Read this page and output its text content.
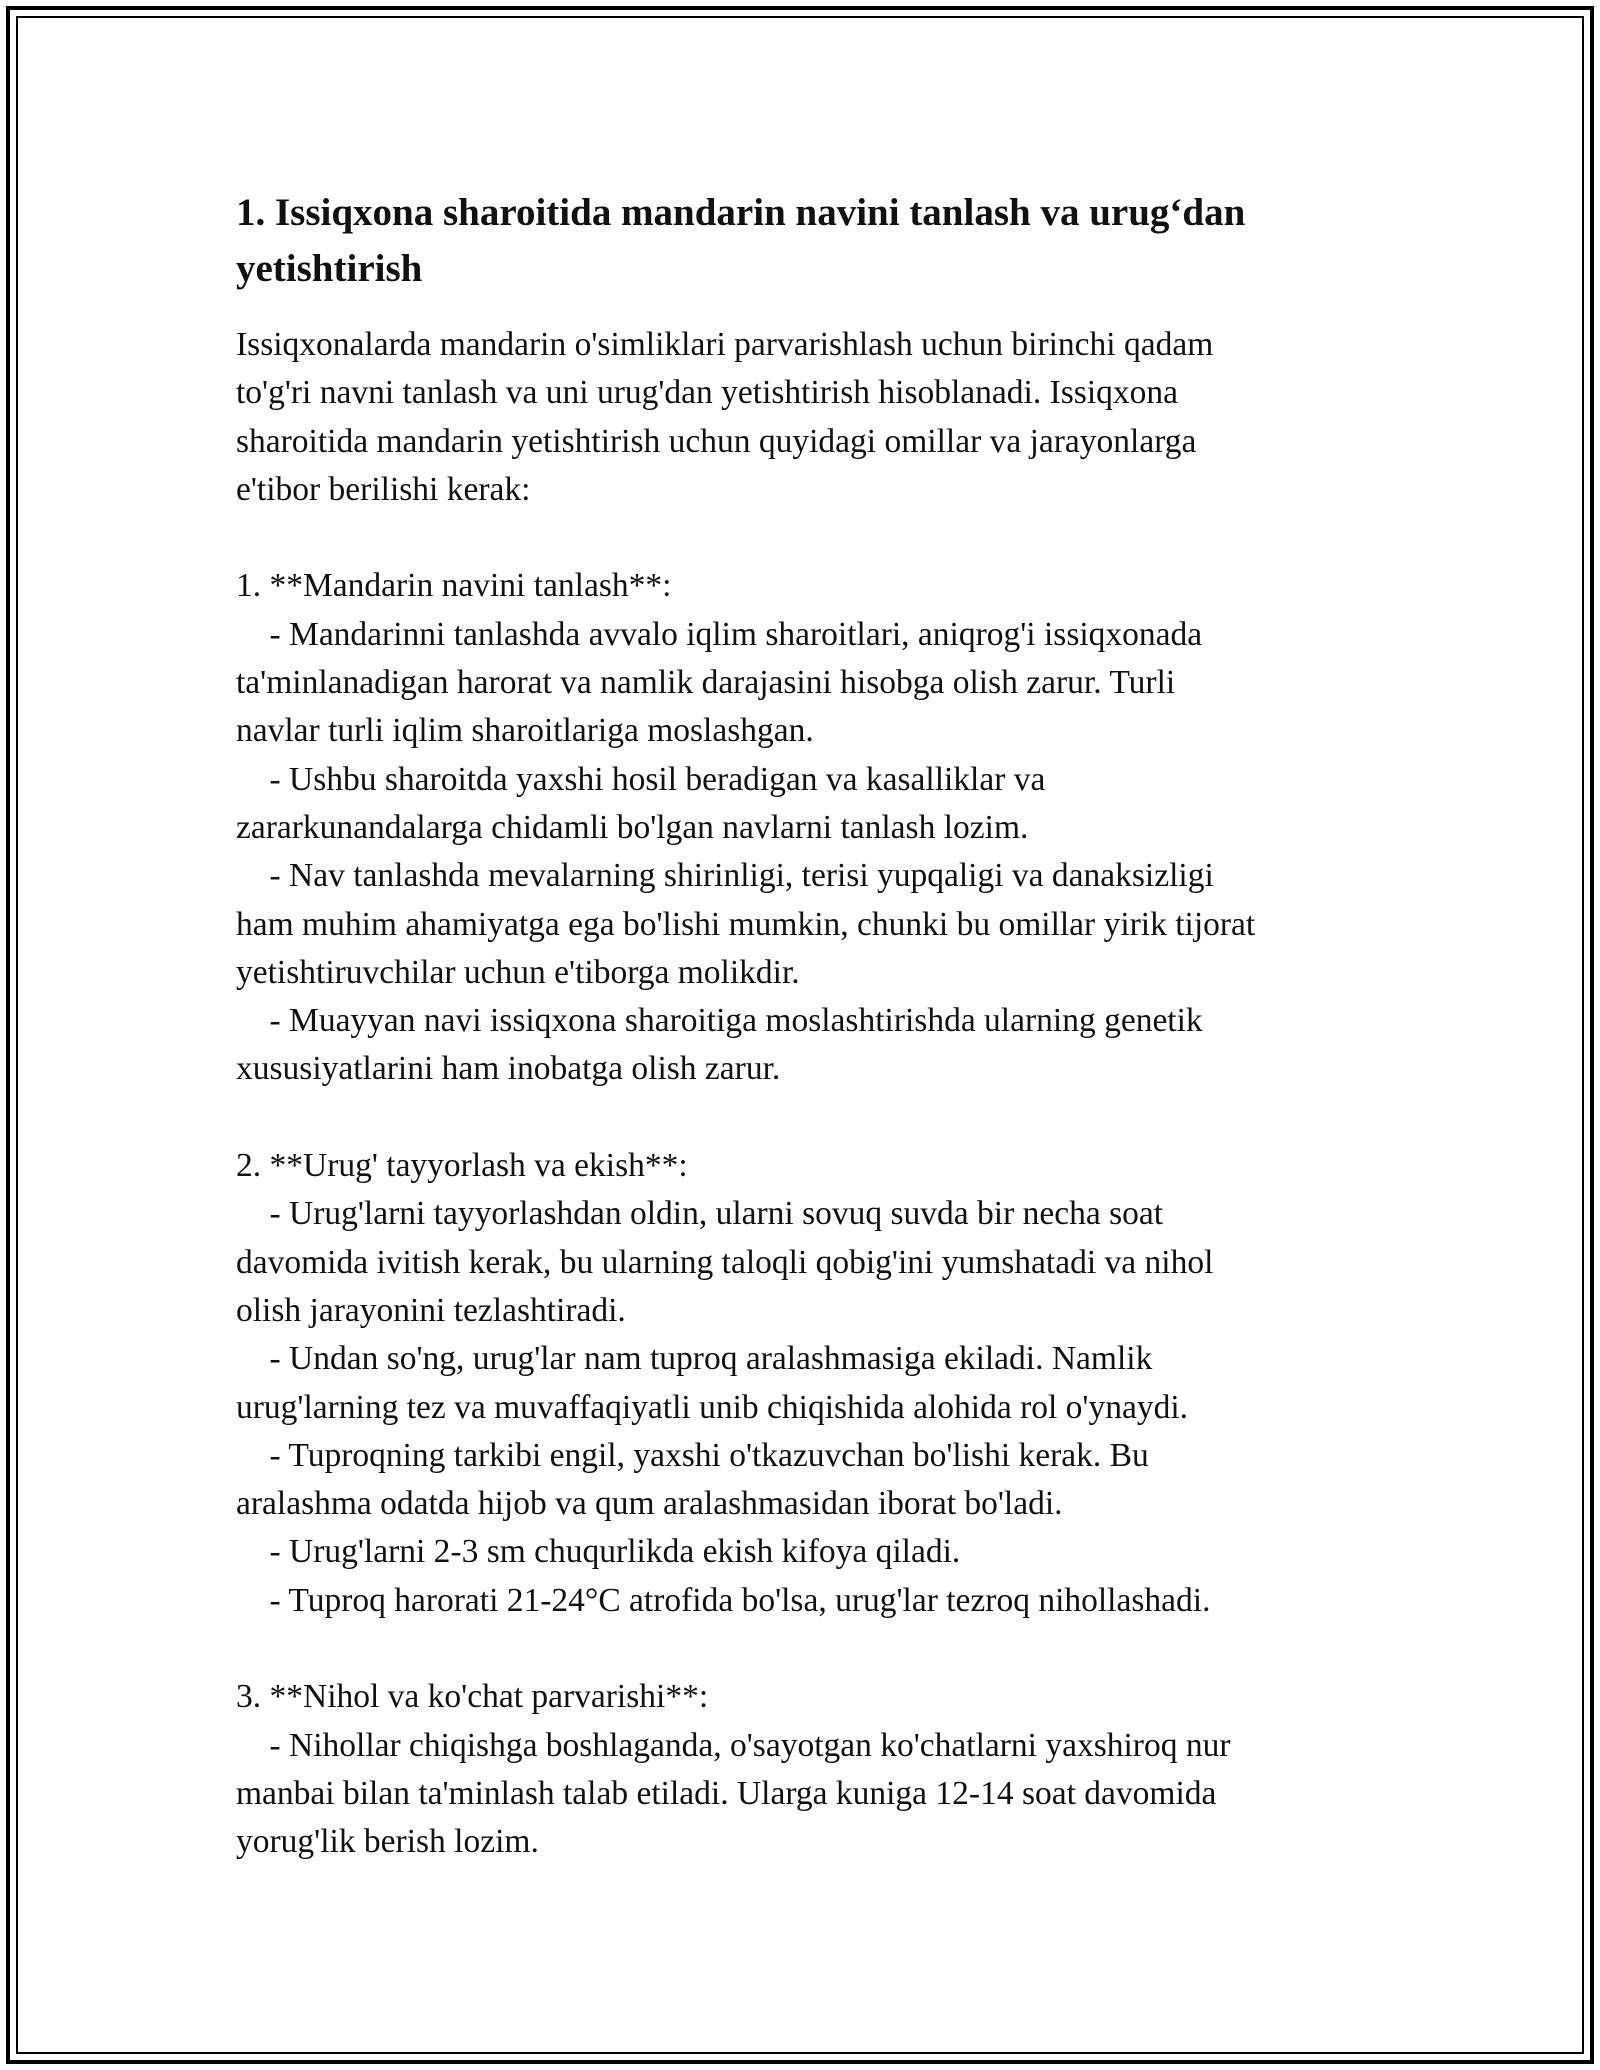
1. Issiqxona sharoitida mandarin navini tanlash va urug‘dan
yetishtirish
Issiqxonalarda mandarin o'simliklari parvarishlash uchun birinchi qadam
to'g'ri navni tanlash va uni urug'dan yetishtirish hisoblanadi. Issiqxona
sharoitida mandarin yetishtirish uchun quyidagi omillar va jarayonlarga
e'tibor berilishi kerak:
1. **Mandarin navini tanlash**:
- Mandarinni tanlashda avvalo iqlim sharoitlari, aniqrog'i issiqxonada
ta'minlanadigan harorat va namlik darajasini hisobga olish zarur. Turli
navlar turli iqlim sharoitlariga moslashgan.
- Ushbu sharoitda yaxshi hosil beradigan va kasalliklar va
zararkunandalarga chidamli bo'lgan navlarni tanlash lozim.
- Nav tanlashda mevalarning shirinligi, terisi yupqaligi va danaksizligi
ham muhim ahamiyatga ega bo'lishi mumkin, chunki bu omillar yirik tijorat
yetishtiruvchilar uchun e'tiborga molikdir.
- Muayyan navi issiqxona sharoitiga moslashtirishda ularning genetik
xususiyatlarini ham inobatga olish zarur.
2. **Urug' tayyorlash va ekish**:
- Urug'larni tayyorlashdan oldin, ularni sovuq suvda bir necha soat
davomida ivitish kerak, bu ularning taloqli qobig'ini yumshatadi va nihol
olish jarayonini tezlashtiradi.
- Undan so'ng, urug'lar nam tuproq aralashmasiga ekiladi. Namlik
urug'larning tez va muvaffaqiyatli unib chiqishida alohida rol o'ynaydi.
- Tuproqning tarkibi engil, yaxshi o'tkazuvchan bo'lishi kerak. Bu
aralashma odatda hijob va qum aralashmasidan iborat bo'ladi.
- Urug'larni 2-3 sm chuqurlikda ekish kifoya qiladi.
- Tuproq harorati 21-24°C atrofida bo'lsa, urug'lar tezroq nihollashadi.
3. **Nihol va ko'chat parvarishi**:
- Nihollar chiqishga boshlaganda, o'sayotgan ko'chatlarni yaxshiroq nur
manbai bilan ta'minlash talab etiladi. Ularga kuniga 12-14 soat davomida
yorug'lik berish lozim.
